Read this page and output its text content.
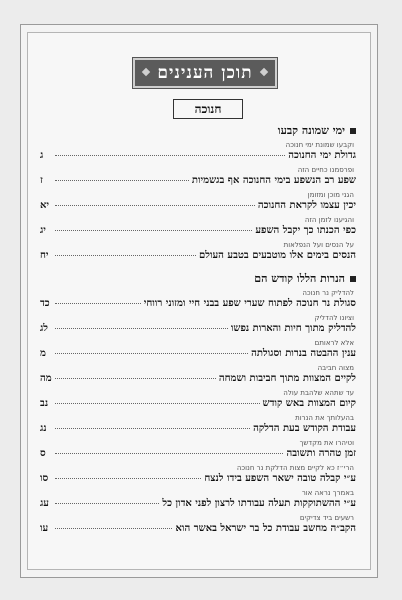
תוכן הענינים
חנוכה
ימי שמונה קבעו
וקבעו שמונת ימי חנוכה
גדולת ימי החנוכה
ג
ופרסמנו כחיים הזה
שפע רב הנשפע בימי החנוכה אף בגשמיות
ז
הגני מוכן ומזומן
יכין עצמו לקראת החנוכה
יא
והגיענו לזמן הזה
כפי הכנתו כך יקבל השפע
יג
על הנסים ועל הנפלאות
הנסים בימים אלו מוטבעים בטבע העולם
יח
הנרות הללו קודש הם
להדליק נר חנוכה
סגולת נר חנוכה לפתוח שערי שפע בבני חיי ומזוני רווחי
כד
וציונו להדליק
להדליק מתוך חיות והארות נפשו
לג
אלא לראותם
ענין ההבטה בנרות וסגולתה
מ
מצוה חביבה
לקיים המצוות מתוך חביבות ושמחה
מה
עד שתהא שלהבת עולה
קיום המצוות באש קודש
נב
בהעלותך את הנרות
עבודת הקודש בעת הדלקה
נג
וטיהרו את מקדשך
זמן טהרה ותשובה
ס
הרי״ז כא לקיים מצות הדלקת נר חנוכה
ע״י קבלה טובה ישאר השפע בידו לנצח
סו
באמרך נראה אור
ע״י ההשתוקקות תעלה עבודתו לרצון לפני אדון כל
עג
רשעים ביד צדיקים
הקב״ה מחשב עבודת כל בר ישראל באשר הוא
עו
